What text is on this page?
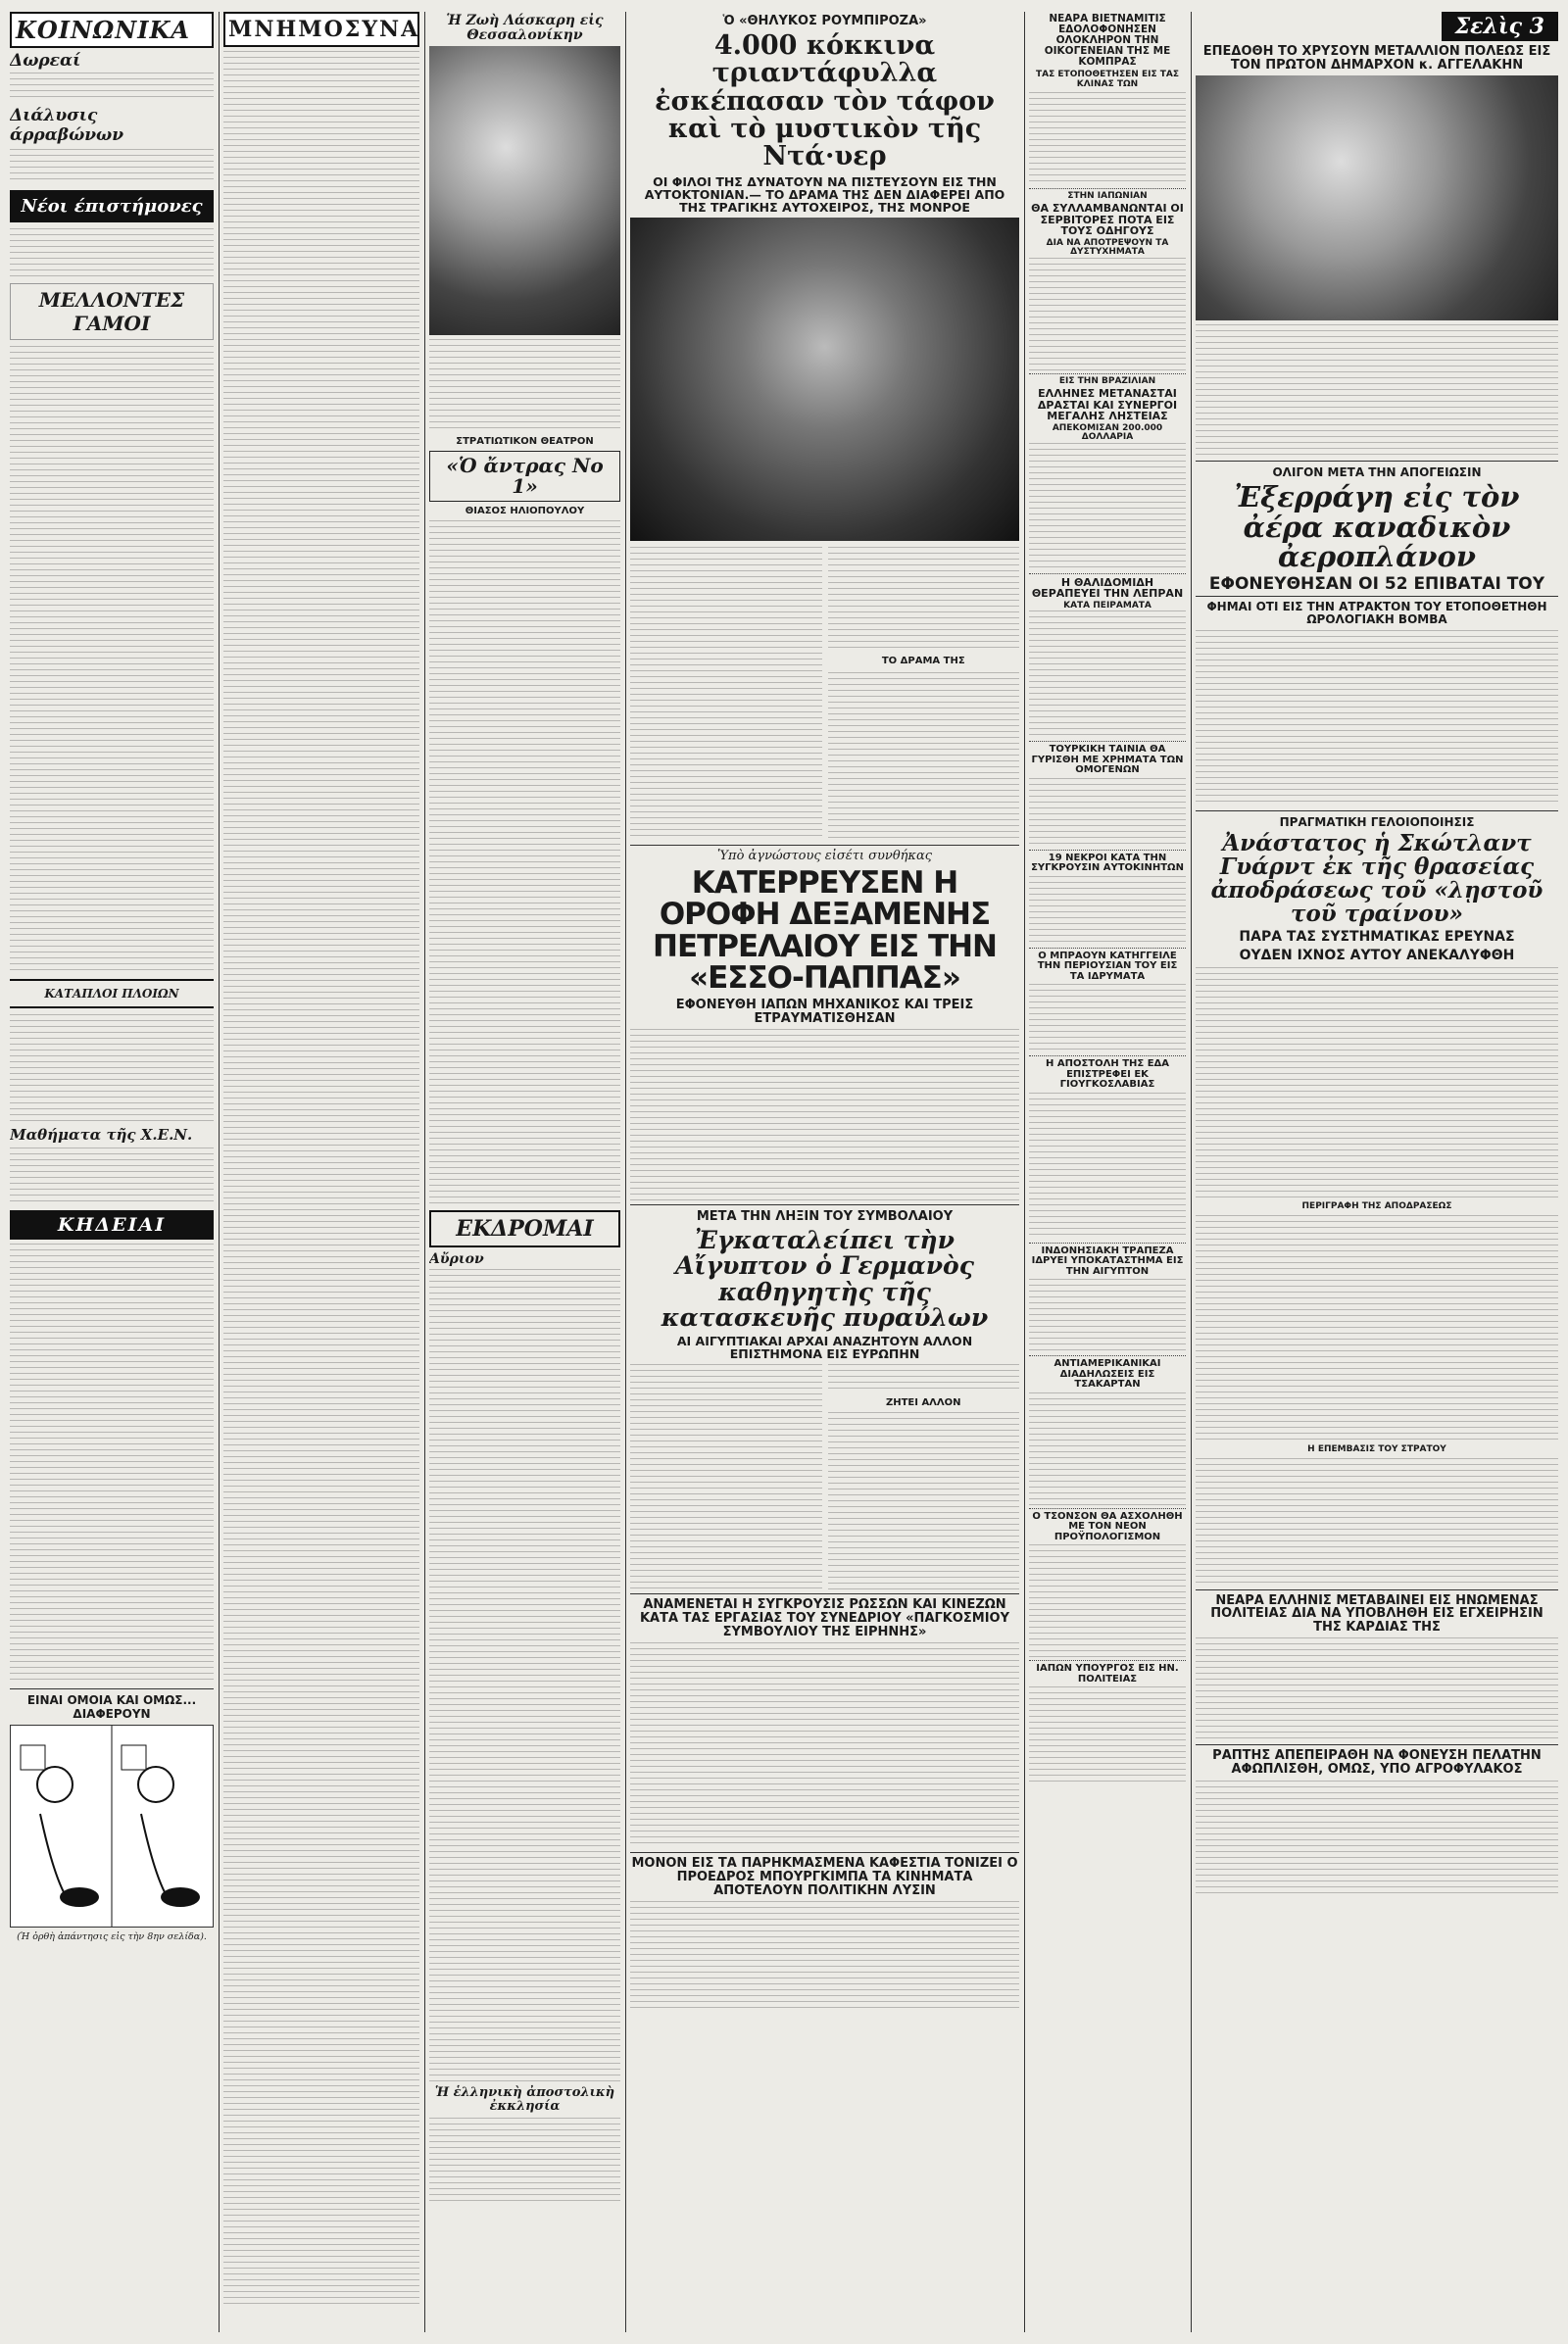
ΚΟΙΝΩΝΙΚΑ
Δωρεαί
Διάλυσις άρραβώνων
Νέοι έπιστήμονες
ΜΕΛΛΟΝΤΕΣ ΓΑΜΟΙ
ΚΑΤΑΠΛΟΙ ΠΛΟΙΩΝ
Μαθήματα τῆς Χ.Ε.Ν.
ΚΗΔΕΙΑΙ
ΕΙΝΑΙ ΟΜΟΙΑ ΚΑΙ ΟΜΩΣ... ΔΙΑΦΕΡΟΥΝ
(Ἡ ὀρθὴ ἀπάντησις εἰς τὴν 8ην σελίδα).
ΜΝΗΜΟΣΥΝΑ	Ἡ Ζωὴ Λάσκαρη εἰς Θεσσαλονίκην
ΣΤΡΑΤΙΩΤΙΚΟΝ ΘΕΑΤΡΟΝ
«Ὁ ἄντρας Νο 1»
ΘΙΑΣΟΣ ΗΛΙΟΠΟΥΛΟΥ
ΕΚΔΡΟΜΑΙ
Αὔριον
Ἡ ἑλληνικὴ ἀποστολικὴ ἐκκλησία
Ὁ «ΘΗΛΥΚΟΣ ΡΟΥΜΠΙΡΟΖΑ»
4.000 κόκκινα τριαντάφυλλα ἐσκέπασαν τὸν τάφον καὶ τὸ μυστικὸν τῆς Ντά·υερ
ΟΙ ΦΙΛΟΙ ΤΗΣ ΔΥΝΑΤΟΥΝ ΝΑ ΠΙΣΤΕΥΣΟΥΝ ΕΙΣ ΤΗΝ ΑΥΤΟΚΤΟΝΙΑΝ.— ΤΟ ΔΡΑΜΑ ΤΗΣ ΔΕΝ ΔΙΑΦΕΡΕΙ ΑΠΟ ΤΗΣ ΤΡΑΓΙΚΗΣ ΑΥΤΟΧΕΙΡΟΣ, ΤΗΣ ΜΟΝΡΟΕ
ΤΟ ΔΡΑΜΑ ΤΗΣ
Ὑπὸ ἀγνώστους εἰσέτι συνθήκας
ΚΑΤΕΡΡΕΥΣΕΝ Η ΟΡΟΦΗ ΔΕΞΑΜΕΝΗΣ ΠΕΤΡΕΛΑΙΟΥ ΕΙΣ ΤΗΝ «ΕΣΣΟ-ΠΑΠΠΑΣ»
ΕΦΟΝΕΥΘΗ ΙΑΠΩΝ ΜΗΧΑΝΙΚΟΣ ΚΑΙ ΤΡΕΙΣ ΕΤΡΑΥΜΑΤΙΣΘΗΣΑΝ
ΜΕΤΑ ΤΗΝ ΛΗΞΙΝ ΤΟΥ ΣΥΜΒΟΛΑΙΟΥ
Ἐγκαταλείπει τὴν Αἴγυπτον ὁ Γερμανὸς καθηγητὴς τῆς κατασκευῆς πυραύλων
ΑΙ ΑΙΓΥΠΤΙΑΚΑΙ ΑΡΧΑΙ ΑΝΑΖΗΤΟΥΝ ΑΛΛΟΝ ΕΠΙΣΤΗΜΟΝΑ ΕΙΣ ΕΥΡΩΠΗΝ
ΖΗΤΕΙ ΑΛΛΟΝ
ΑΝΑΜΕΝΕΤΑΙ Η ΣΥΓΚΡΟΥΣΙΣ ΡΩΣΣΩΝ ΚΑΙ ΚΙΝΕΖΩΝ ΚΑΤΑ ΤΑΣ ΕΡΓΑΣΙΑΣ ΤΟΥ ΣΥΝΕΔΡΙΟΥ «ΠΑΓΚΟΣΜΙΟΥ ΣΥΜΒΟΥΛΙΟΥ ΤΗΣ ΕΙΡΗΝΗΣ»
ΜΟΝΟΝ ΕΙΣ ΤΑ ΠΑΡΗΚΜΑΣΜΕΝΑ ΚΑΦΕΣΤΙΑ ΤΟΝΙΖΕΙ Ο ΠΡΟΕΔΡΟΣ ΜΠΟΥΡΓΚΙΜΠΑ ΤΑ ΚΙΝΗΜΑΤΑ ΑΠΟΤΕΛΟΥΝ ΠΟΛΙΤΙΚΗΝ ΛΥΣΙΝ
ΝΕΑΡΑ ΒΙΕΤΝΑΜΙΤΙΣ ΕΔΟΛΟΦΟΝΗΣΕΝ ΟΛΟΚΛΗΡΟΝ ΤΗΝ ΟΙΚΟΓΕΝΕΙΑΝ ΤΗΣ ΜΕ ΚΟΜΠΡΑΣ
ΤΑΣ ΕΤΟΠΟΘΕΤΗΣΕΝ ΕΙΣ ΤΑΣ ΚΛΙΝΑΣ ΤΩΝ
ΣΤΗΝ ΙΑΠΩΝΙΑΝ
ΘΑ ΣΥΛΛΑΜΒΑΝΩΝΤΑΙ ΟΙ ΣΕΡΒΙΤΟΡΕΣ ΠΟΤΑ ΕΙΣ ΤΟΥΣ ΟΔΗΓΟΥΣ
ΔΙΑ ΝΑ ΑΠΟΤΡΕΨΟΥΝ ΤΑ ΔΥΣΤΥΧΗΜΑΤΑ
ΕΙΣ ΤΗΝ ΒΡΑΖΙΛΙΑΝ
ΕΛΛΗΝΕΣ ΜΕΤΑΝΑΣΤΑΙ ΔΡΑΣΤΑΙ ΚΑΙ ΣΥΝΕΡΓΟΙ ΜΕΓΑΛΗΣ ΛΗΣΤΕΙΑΣ
ΑΠΕΚΟΜΙΣΑΝ 200.000 ΔΟΛΛΑΡΙΑ
Η ΘΑΛΙΔΟΜΙΔΗ ΘΕΡΑΠΕΥΕΙ ΤΗΝ ΛΕΠΡΑΝ
ΚΑΤΑ ΠΕΙΡΑΜΑΤΑ
ΤΟΥΡΚΙΚΗ ΤΑΙΝΙΑ ΘΑ ΓΥΡΙΣΘΗ ΜΕ ΧΡΗΜΑΤΑ ΤΩΝ ΟΜΟΓΕΝΩΝ
19 ΝΕΚΡΟΙ ΚΑΤΑ ΤΗΝ ΣΥΓΚΡΟΥΣΙΝ ΑΥΤΟΚΙΝΗΤΩΝ
Ο ΜΠΡΑΟΥΝ ΚΑΤΗΓΓΕΙΛΕ ΤΗΝ ΠΕΡΙΟΥΣΙΑΝ ΤΟΥ ΕΙΣ ΤΑ ΙΔΡΥΜΑΤΑ
Η ΑΠΟΣΤΟΛΗ ΤΗΣ ΕΔΑ ΕΠΙΣΤΡΕΦΕΙ ΕΚ ΓΙΟΥΓΚΟΣΛΑΒΙΑΣ
ΙΝΔΟΝΗΣΙΑΚΗ ΤΡΑΠΕΖΑ ΙΔΡΥΕΙ ΥΠΟΚΑΤΑΣΤΗΜΑ ΕΙΣ ΤΗΝ ΑΙΓΥΠΤΟΝ
ΑΝΤΙΑΜΕΡΙΚΑΝΙΚΑΙ ΔΙΑΔΗΛΩΣΕΙΣ ΕΙΣ ΤΣΑΚΑΡΤΑΝ
Ο ΤΣΟΝΣΟΝ ΘΑ ΑΣΧΟΛΗΘΗ ΜΕ ΤΟΝ ΝΕΟΝ ΠΡΟΫΠΟΛΟΓΙΣΜΟΝ
ΙΑΠΩΝ ΥΠΟΥΡΓΟΣ ΕΙΣ ΗΝ. ΠΟΛΙΤΕΙΑΣ
Σελὶς 3
ΕΠΕΔΟΘΗ ΤΟ ΧΡΥΣΟΥΝ ΜΕΤΑΛΛΙΟΝ ΠΟΛΕΩΣ ΕΙΣ ΤΟΝ ΠΡΩΤΟΝ ΔΗΜΑΡΧΟΝ κ. ΑΓΓΕΛΑΚΗΝ
ΟΛΙΓΟΝ ΜΕΤΑ ΤΗΝ ΑΠΟΓΕΙΩΣΙΝ
Ἐξερράγη εἰς τὸν ἀέρα καναδικὸν ἀεροπλάνον
ΕΦΟΝΕΥΘΗΣΑΝ ΟΙ 52 ΕΠΙΒΑΤΑΙ ΤΟΥ
ΦΗΜΑΙ ΟΤΙ ΕΙΣ ΤΗΝ ΑΤΡΑΚΤΟΝ ΤΟΥ ΕΤΟΠΟΘΕΤΗΘΗ ΩΡΟΛΟΓΙΑΚΗ ΒΟΜΒΑ
ΠΡΑΓΜΑΤΙΚΗ ΓΕΛΟΙΟΠΟΙΗΣΙΣ
Ἀνάστατος ἡ Σκώτλαντ Γυάρντ ἐκ τῆς θρασείας ἀποδράσεως τοῦ «λῃστοῦ τοῦ τραίνου»
ΠΑΡΑ ΤΑΣ ΣΥΣΤΗΜΑΤΙΚΑΣ ΕΡΕΥΝΑΣ
ΟΥΔΕΝ ΙΧΝΟΣ ΑΥΤΟΥ ΑΝΕΚΑΛΥΦΘΗ
ΠΕΡΙΓΡΑΦΗ ΤΗΣ ΑΠΟΔΡΑΣΕΩΣ
Η ΕΠΕΜΒΑΣΙΣ ΤΟΥ ΣΤΡΑΤΟΥ
ΝΕΑΡΑ ΕΛΛΗΝΙΣ ΜΕΤΑΒΑΙΝΕΙ ΕΙΣ ΗΝΩΜΕΝΑΣ ΠΟΛΙΤΕΙΑΣ ΔΙΑ ΝΑ ΥΠΟΒΛΗΘΗ ΕΙΣ ΕΓΧΕΙΡΗΣΙΝ ΤΗΣ ΚΑΡΔΙΑΣ ΤΗΣ
ΡΑΠΤΗΣ ΑΠΕΠΕΙΡΑΘΗ ΝΑ ΦΟΝΕΥΣΗ ΠΕΛΑΤΗΝ ΑΦΩΠΛΙΣΘΗ, ΟΜΩΣ, ΥΠΟ ΑΓΡΟΦΥΛΑΚΟΣ
